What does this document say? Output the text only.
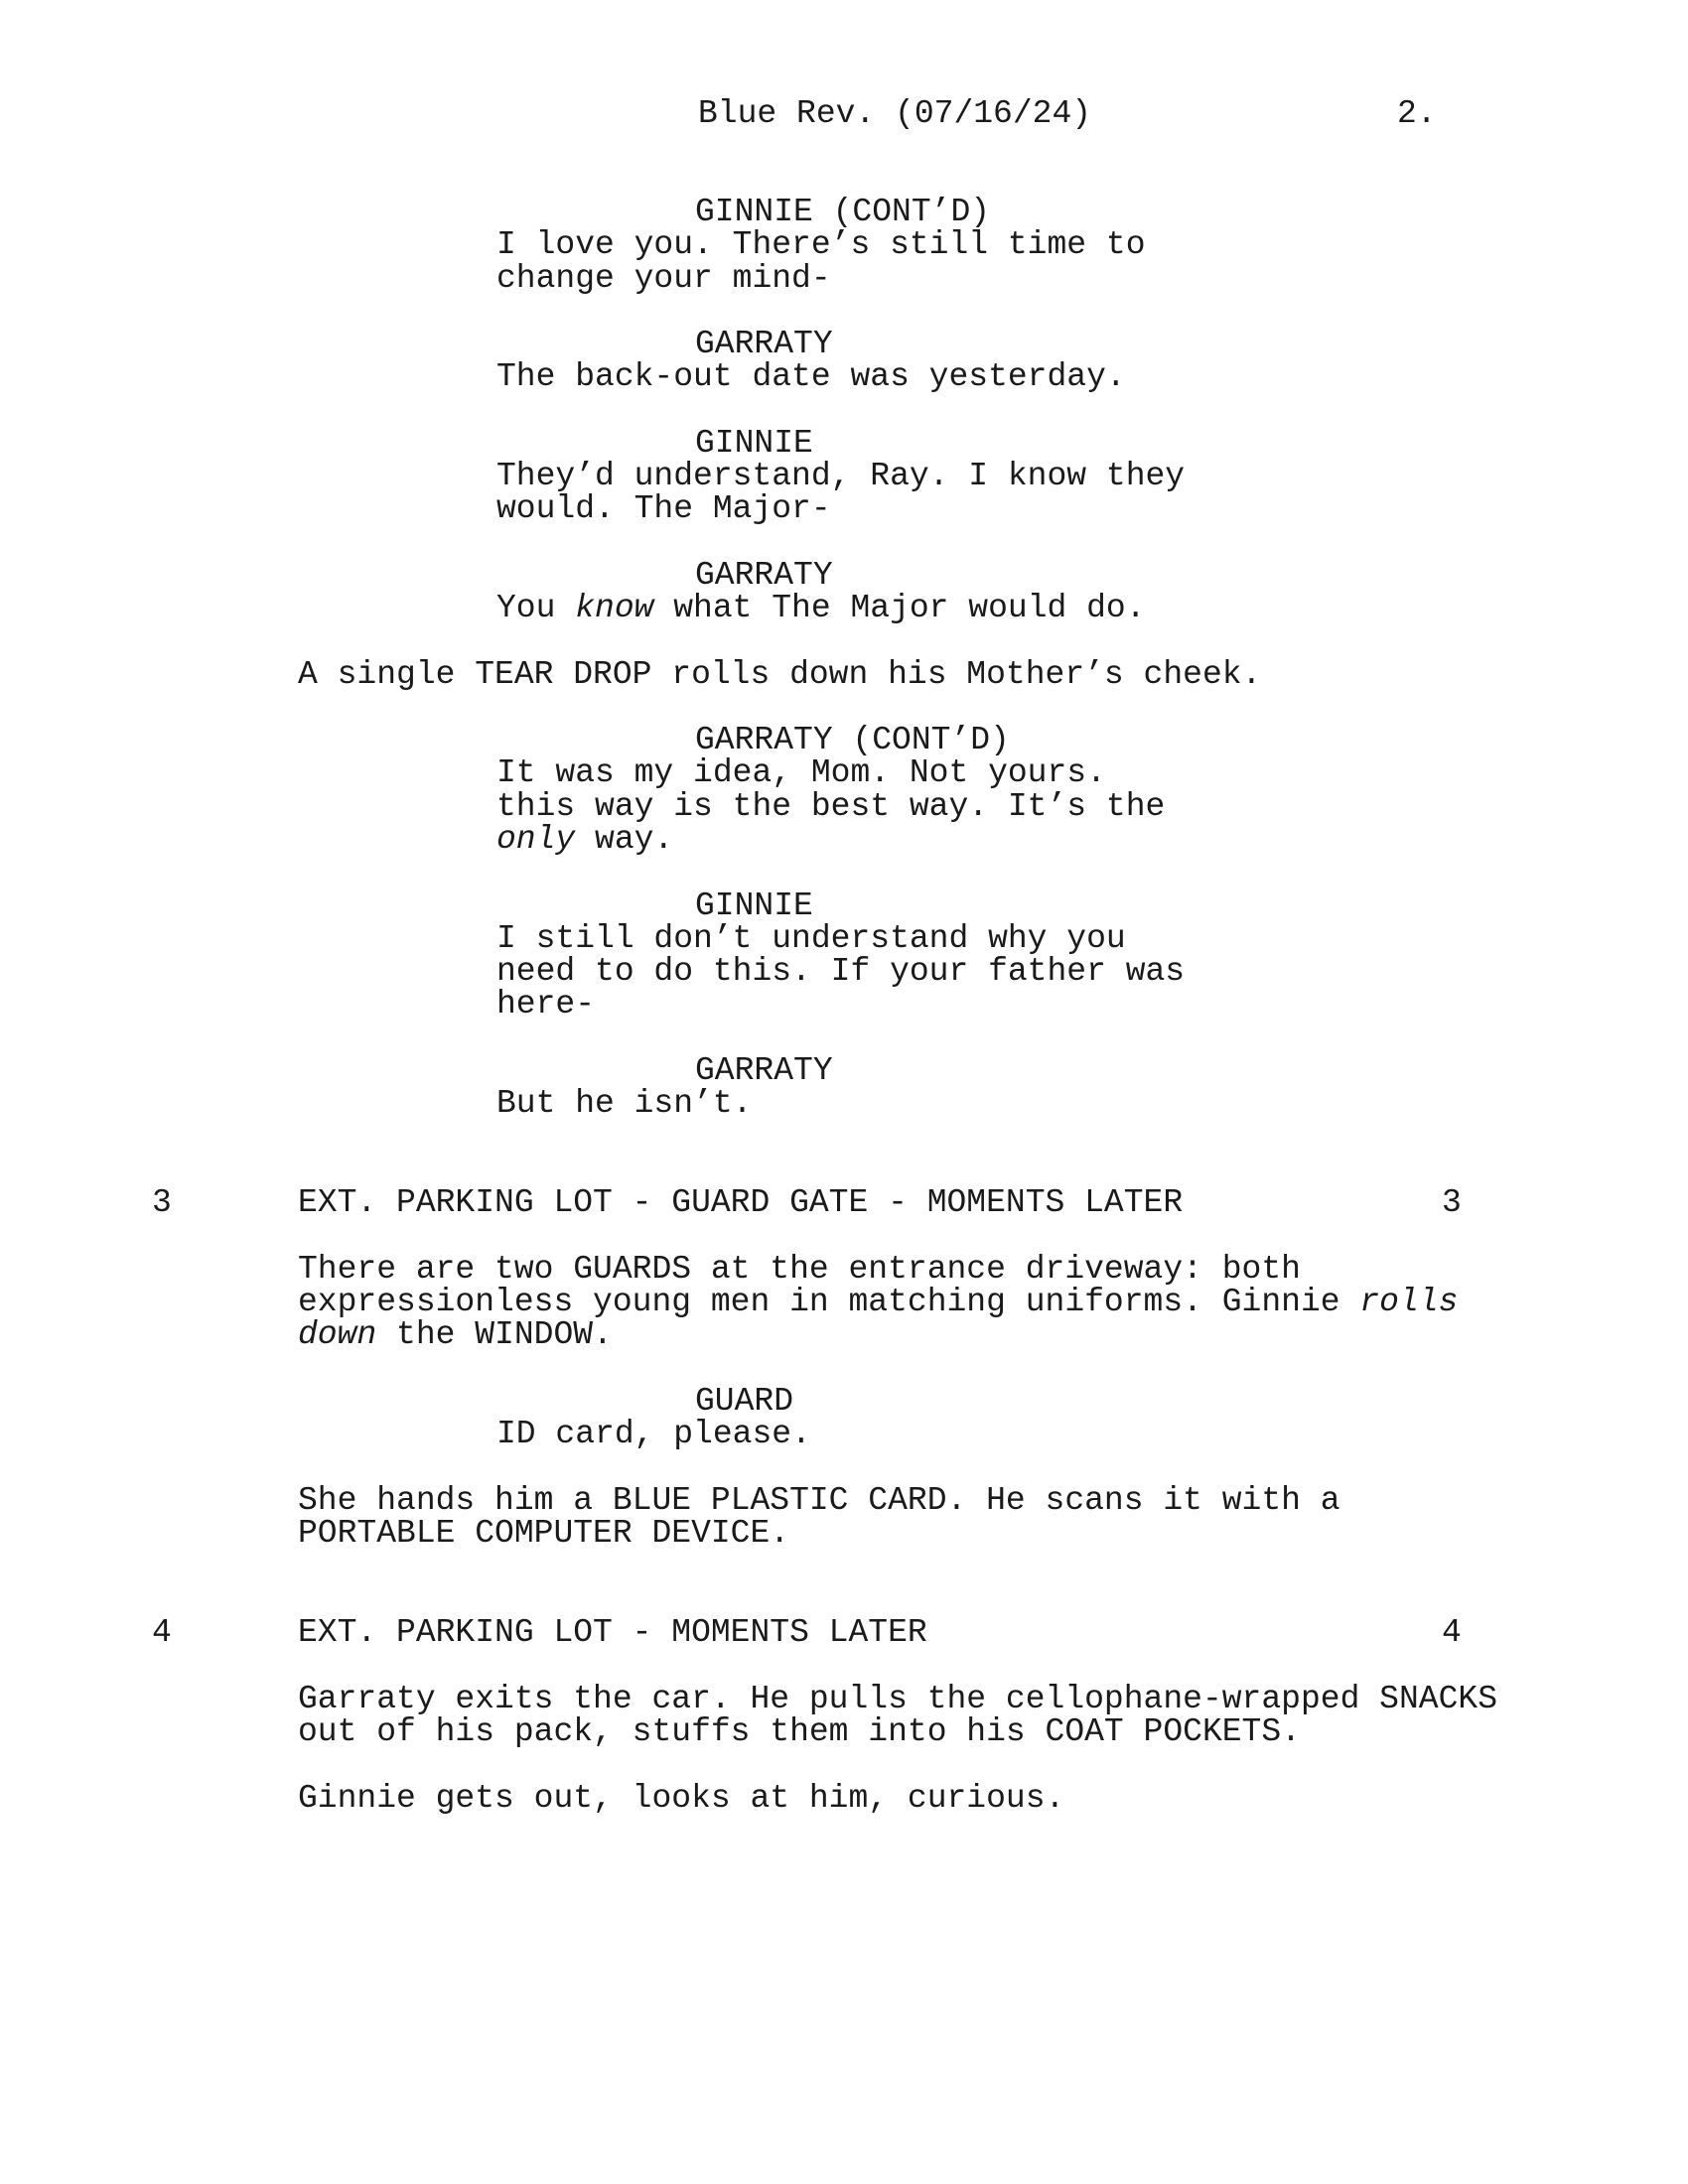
Blue Rev. (07/16/24)	2.
GINNIE (CONT’D)
I love you. There’s still time to
change your mind-
GARRATY
The back-out date was yesterday.
GINNIE
They’d understand, Ray. I know they
would. The Major-
GARRATY
You know what The Major would do.
A single TEAR DROP rolls down his Mother’s cheek.
GARRATY (CONT’D)
It was my idea, Mom. Not yours.
this way is the best way. It’s the
only way.
GINNIE
I still don’t understand why you
need to do this. If your father was
here-
GARRATY
But he isn’t.
3	EXT. PARKING LOT - GUARD GATE - MOMENTS LATER	3
There are two GUARDS at the entrance driveway: both
expressionless young men in matching uniforms. Ginnie rolls
down the WINDOW.
GUARD
ID card, please.
She hands him a BLUE PLASTIC CARD. He scans it with a
PORTABLE COMPUTER DEVICE.
4	EXT. PARKING LOT - MOMENTS LATER	4
Garraty exits the car. He pulls the cellophane-wrapped SNACKS
out of his pack, stuffs them into his COAT POCKETS.
Ginnie gets out, looks at him, curious.
